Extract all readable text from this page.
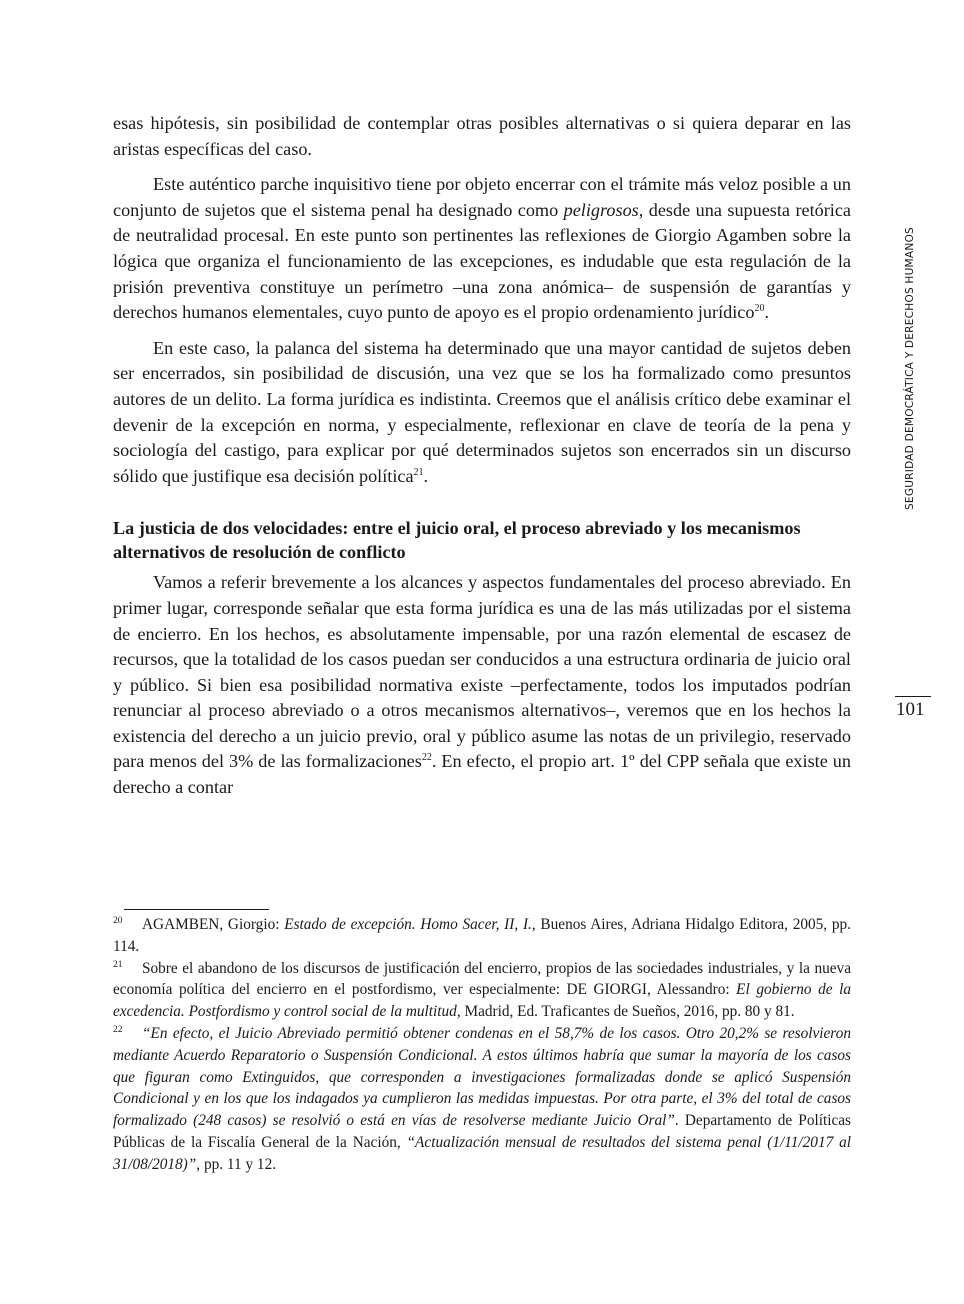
esas hipótesis, sin posibilidad de contemplar otras posibles alternativas o si quiera deparar en las aristas específicas del caso.

Este auténtico parche inquisitivo tiene por objeto encerrar con el trámite más veloz posible a un conjunto de sujetos que el sistema penal ha designado como peligrosos, desde una supuesta retórica de neutralidad procesal. En este punto son pertinentes las reflexiones de Giorgio Agamben sobre la lógica que organiza el funcionamiento de las excepciones, es indudable que esta regulación de la prisión preventiva constituye un perímetro –una zona anómica– de suspensión de garantías y derechos humanos elementales, cuyo punto de apoyo es el propio ordenamiento jurídico$^{20}$.

En este caso, la palanca del sistema ha determinado que una mayor cantidad de sujetos deben ser encerrados, sin posibilidad de discusión, una vez que se los ha formalizado como presuntos autores de un delito. La forma jurídica es indistinta. Creemos que el análisis crítico debe examinar el devenir de la excepción en norma, y especialmente, reflexionar en clave de teoría de la pena y sociología del castigo, para explicar por qué determinados sujetos son encerrados sin un discurso sólido que justifique esa decisión política$^{21}$.

La justicia de dos velocidades: entre el juicio oral, el proceso abreviado y los mecanismos alternativos de resolución de conflicto

Vamos a referir brevemente a los alcances y aspectos fundamentales del proceso abreviado. En primer lugar, corresponde señalar que esta forma jurídica es una de las más utilizadas por el sistema de encierro. En los hechos, es absolutamente impensable, por una razón elemental de escasez de recursos, que la totalidad de los casos puedan ser conducidos a una estructura ordinaria de juicio oral y público. Si bien esa posibilidad normativa existe –perfectamente, todos los imputados podrían renunciar al proceso abreviado o a otros mecanismos alternativos–, veremos que en los hechos la existencia del derecho a un juicio previo, oral y público asume las notas de un privilegio, reservado para menos del 3% de las formalizaciones$^{22}$. En efecto, el propio art. 1º del CPP señala que existe un derecho a contar

SEGURIDAD DEMOCRÁTICA Y DERECHOS HUMANOS
101

20 AGAMBEN, Giorgio: Estado de excepción. Homo Sacer, II, I., Buenos Aires, Adriana Hidalgo Editora, 2005, pp. 114.

21 Sobre el abandono de los discursos de justificación del encierro, propios de las sociedades industriales, y la nueva economía política del encierro en el postfordismo, ver especialmente: DE GIORGI, Alessandro: El gobierno de la excedencia. Postfordismo y control social de la multitud, Madrid, Ed. Traficantes de Sueños, 2016, pp. 80 y 81.

22 “En efecto, el Juicio Abreviado permitió obtener condenas en el 58,7% de los casos. Otro 20,2% se resolvieron mediante Acuerdo Reparatorio o Suspensión Condicional. A estos últimos habría que sumar la mayoría de los casos que figuran como Extinguidos, que corresponden a investigaciones formalizadas donde se aplicó Suspensión Condicional y en los que los indagados ya cumplieron las medidas impuestas. Por otra parte, el 3% del total de casos formalizado (248 casos) se resolvió o está en vías de resolverse mediante Juicio Oral”. Departamento de Políticas Públicas de la Fiscalía General de la Nación, “Actualización mensual de resultados del sistema penal (1/11/2017 al 31/08/2018)”, pp. 11 y 12.
